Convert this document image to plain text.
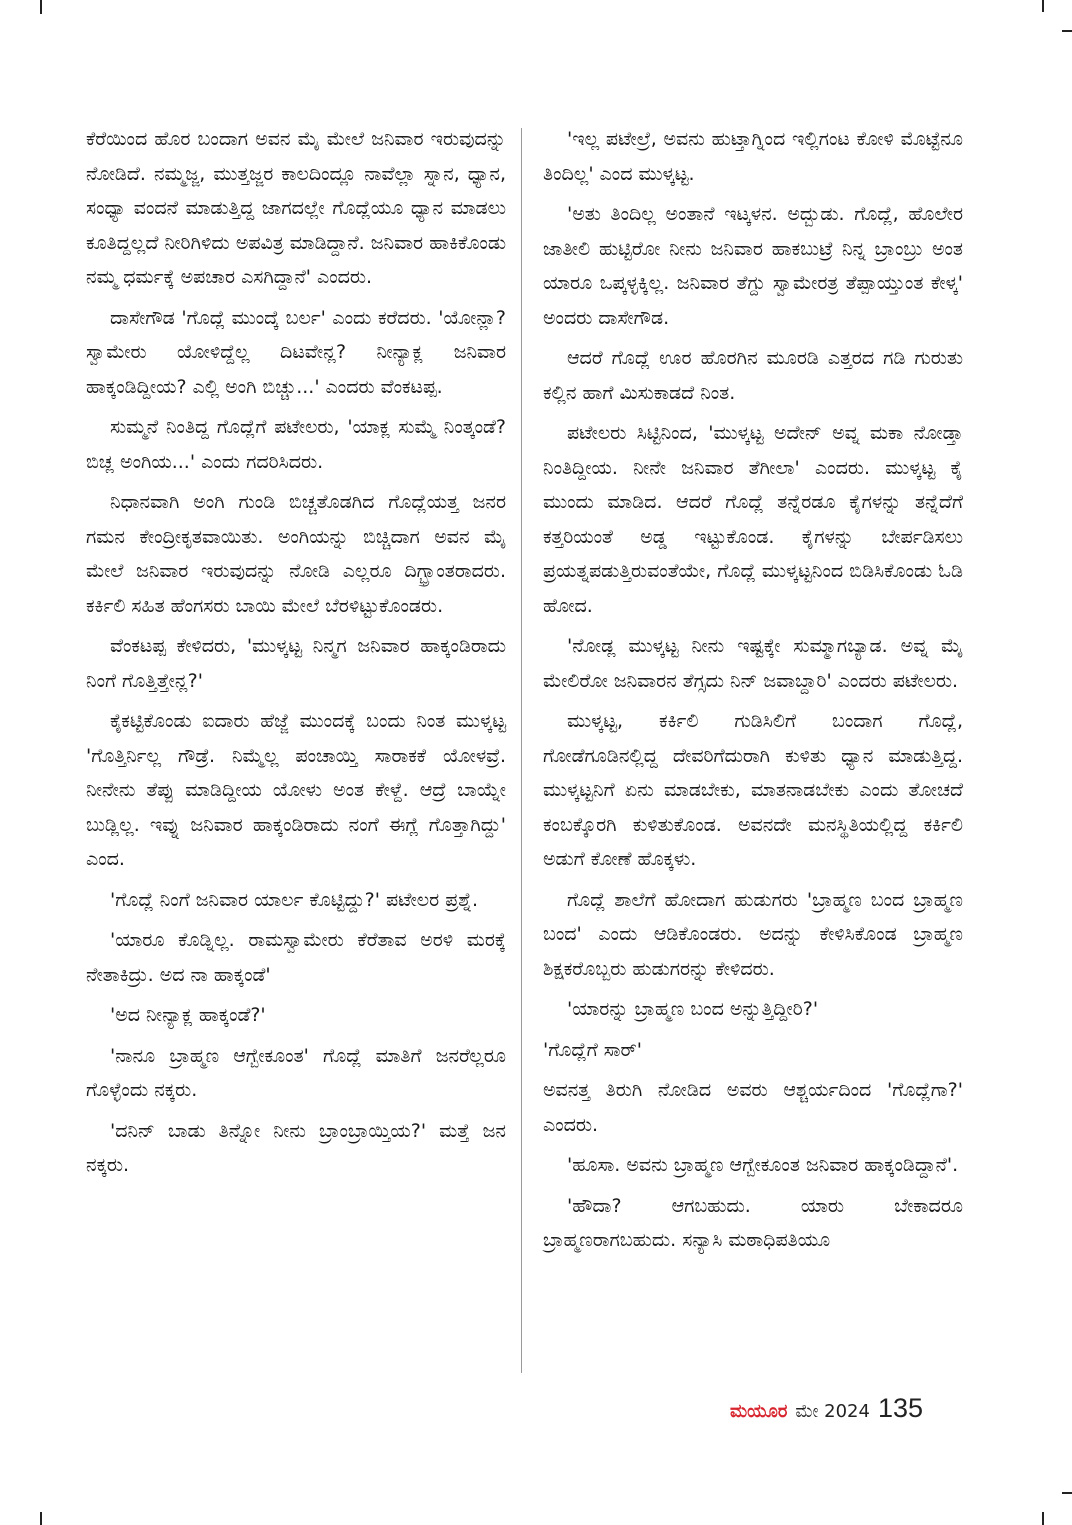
ಕೆರೆಯಿಂದ ಹೊರ ಬಂದಾಗ ಅವನ ಮೈ ಮೇಲೆ ಜನಿವಾರ ಇರುವುದನ್ನು ನೋಡಿದೆ. ನಮ್ಮಜ್ಜ, ಮುತ್ತಜ್ಜರ ಕಾಲದಿಂದ್ಲೂ ನಾವೆಲ್ಲಾ ಸ್ನಾನ, ಧ್ಯಾನ, ಸಂಧ್ಯಾ ವಂದನೆ ಮಾಡುತ್ತಿದ್ದ ಜಾಗದಲ್ಲೇ ಗೊದ್ಲೆಯೂ ಧ್ಯಾನ ಮಾಡಲು ಕೂತಿದ್ದಲ್ಲದೆ ನೀರಿಗಿಳಿದು ಅಪವಿತ್ರ ಮಾಡಿದ್ದಾನೆ. ಜನಿವಾರ ಹಾಕಿಕೊಂಡು ನಮ್ಮ ಧರ್ಮಕ್ಕೆ ಅಪಚಾರ ಎಸಗಿದ್ದಾನೆ' ಎಂದರು.

ದಾಸೇಗೌಡ 'ಗೊದ್ಲೆ ಮುಂದ್ಕೆ ಬರ್ಲ' ಎಂದು ಕರೆದರು. 'ಯೋನ್ಲಾ? ಸ್ವಾಮೇರು ಯೋಳಿದ್ದೆಲ್ಲ ದಿಟವೇನ್ಲ? ನೀನ್ಯಾಕ್ಲ ಜನಿವಾರ ಹಾಕ್ಕಂಡಿದ್ದೀಯ? ಎಲ್ಲಿ ಅಂಗಿ ಬಿಚ್ಚು...' ಎಂದರು ವೆಂಕಟಪ್ಪ.

ಸುಮ್ಮನೆ ನಿಂತಿದ್ದ ಗೊದ್ಲೆಗೆ ಪಟೇಲರು, 'ಯಾಕ್ಲ ಸುಮ್ಮೆ ನಿಂತ್ಕಂಡೆ? ಬಿಚ್ಲ ಅಂಗಿಯ...' ಎಂದು ಗದರಿಸಿದರು.

ನಿಧಾನವಾಗಿ ಅಂಗಿ ಗುಂಡಿ ಬಿಚ್ಚತೊಡಗಿದ ಗೊದ್ಲೆಯತ್ತ ಜನರ ಗಮನ ಕೇಂದ್ರೀಕೃತವಾಯಿತು. ಅಂಗಿಯನ್ನು ಬಿಚ್ಚಿದಾಗ ಅವನ ಮೈ ಮೇಲೆ ಜನಿವಾರ ಇರುವುದನ್ನು ನೋಡಿ ಎಲ್ಲರೂ ದಿಗ್ಭ್ರಾಂತರಾದರು. ಕರ್ಕಿಲಿ ಸಹಿತ ಹೆಂಗಸರು ಬಾಯಿ ಮೇಲೆ ಬೆರಳಿಟ್ಟುಕೊಂಡರು.

ವೆಂಕಟಪ್ಪ ಕೇಳಿದರು, 'ಮುಳ್ಕಟ್ಟ ನಿನ್ಮಗ ಜನಿವಾರ ಹಾಕ್ಕಂಡಿರಾದು ನಿಂಗೆ ಗೊತ್ತಿತ್ತೇನ್ಲ?'

ಕೈಕಟ್ಟಿಕೊಂಡು ಐದಾರು ಹೆಜ್ಜೆ ಮುಂದಕ್ಕೆ ಬಂದು ನಿಂತ ಮುಳ್ಕಟ್ಟ 'ಗೊತ್ತಿರ್ನಿಲ್ಲ ಗೌಡ್ರೆ. ನಿಮ್ಮೆಲ್ಲ ಪಂಚಾಯ್ತಿ ಸಾರಾಕಕೆ ಯೋಳವ್ರೆ. ನೀನೇನು ತೆಪ್ಪು ಮಾಡಿದ್ದೀಯ ಯೋಳು ಅಂತ ಕೇಳ್ದೆ. ಆದ್ರೆ ಬಾಯ್ನೇ ಬುಡ್ಲಿಲ್ಲ. ಇವ್ನು ಜನಿವಾರ ಹಾಕ್ಕಂಡಿರಾದು ನಂಗೆ ಈಗ್ಲೆ ಗೊತ್ತಾಗಿದ್ದು' ಎಂದ.

'ಗೊದ್ಲೆ ನಿಂಗೆ ಜನಿವಾರ ಯಾರ್ಲ ಕೊಟ್ಟಿದ್ದು?' ಪಟೇಲರ ಪ್ರಶ್ನೆ.

'ಯಾರೂ ಕೊಡ್ನಿಲ್ಲ. ರಾಮಸ್ವಾಮೇರು ಕೆರೆತಾವ ಅರಳಿ ಮರಕ್ಕೆ ನೇತಾಕಿದ್ರು. ಅದ ನಾ ಹಾಕ್ಕಂಡೆ'

'ಅದ ನೀನ್ಯಾಕ್ಲ ಹಾಕ್ಕಂಡೆ?'

'ನಾನೂ ಬ್ರಾಹ್ಮಣ ಆಗ್ಬೇಕೂಂತ' ಗೊದ್ಲೆ ಮಾತಿಗೆ ಜನರೆಲ್ಲರೂ ಗೊಳ್ಳೆಂದು ನಕ್ಕರು.

'ದನಿನ್ ಬಾಡು ತಿನ್ನೋ ನೀನು ಬ್ರಾಂಬ್ರಾಯ್ತಿಯ?' ಮತ್ತೆ ಜನ ನಕ್ಕರು.

'ಇಲ್ಲ ಪಟೇಲ್ರೆ, ಅವನು ಹುಟ್ತಾಗ್ನಿಂದ ಇಲ್ಲಿಗಂಟ ಕೋಳಿ ಮೊಟ್ಟೆನೂ ತಿಂದಿಲ್ಲ' ಎಂದ ಮುಳ್ಕಟ್ಟ.

'ಅತು ತಿಂದಿಲ್ಲ ಅಂತಾನೆ ಇಟ್ಕಳನ. ಅದ್ಬುಡು. ಗೊದ್ಲೆ, ಹೊಲೇರ ಜಾತೀಲಿ ಹುಟ್ಟಿರೋ ನೀನು ಜನಿವಾರ ಹಾಕಬುಟ್ರೆ ನಿನ್ನ ಬ್ರಾಂಬ್ರು ಅಂತ ಯಾರೂ ಒಪ್ಕಳ್ಳಕ್ಕಿಲ್ಲ. ಜನಿವಾರ ತೆಗ್ದು ಸ್ವಾಮೇರತ್ರ ತೆಪ್ಪಾಯ್ತುಂತ ಕೇಳ್ಕ' ಅಂದರು ದಾಸೇಗೌಡ.

ಆದರೆ ಗೊದ್ಲೆ ಊರ ಹೊರಗಿನ ಮೂರಡಿ ಎತ್ತರದ ಗಡಿ ಗುರುತು ಕಲ್ಲಿನ ಹಾಗೆ ಮಿಸುಕಾಡದೆ ನಿಂತ.

ಪಟೇಲರು ಸಿಟ್ಟಿನಿಂದ, 'ಮುಳ್ಕಟ್ಟ ಅದೇನ್ ಅವ್ನ ಮಕಾ ನೋಡ್ತಾ ನಿಂತಿದ್ದೀಯ. ನೀನೇ ಜನಿವಾರ ತೆಗೀಲಾ' ಎಂದರು. ಮುಳ್ಕಟ್ಟ ಕೈ ಮುಂದು ಮಾಡಿದ. ಆದರೆ ಗೊದ್ಲೆ ತನ್ನೆರಡೂ ಕೈಗಳನ್ನು ತನ್ನೆದೆಗೆ ಕತ್ತರಿಯಂತೆ ಅಡ್ಡ ಇಟ್ಟುಕೊಂಡ. ಕೈಗಳನ್ನು ಬೇರ್ಪಡಿಸಲು ಪ್ರಯತ್ನಪಡುತ್ತಿರುವಂತೆಯೇ, ಗೊದ್ಲೆ ಮುಳ್ಕಟ್ಟನಿಂದ ಬಿಡಿಸಿಕೊಂಡು ಓಡಿ ಹೋದ.

'ನೋಡ್ಲ ಮುಳ್ಕಟ್ಟ ನೀನು ಇಷ್ಟಕ್ಕೇ ಸುಮ್ಮಾಗಬ್ಯಾಡ. ಅವ್ನ ಮೈ ಮೇಲಿರೋ ಜನಿವಾರನ ತೆಗ್ಸದು ನಿನ್ ಜವಾಬ್ದಾರಿ' ಎಂದರು ಪಟೇಲರು.

ಮುಳ್ಕಟ್ಟ, ಕರ್ಕಿಲಿ ಗುಡಿಸಿಲಿಗೆ ಬಂದಾಗ ಗೊದ್ಲೆ, ಗೋಡೆಗೂಡಿನಲ್ಲಿದ್ದ ದೇವರಿಗೆದುರಾಗಿ ಕುಳಿತು ಧ್ಯಾನ ಮಾಡುತ್ತಿದ್ದ. ಮುಳ್ಕಟ್ಟನಿಗೆ ಏನು ಮಾಡಬೇಕು, ಮಾತನಾಡಬೇಕು ಎಂದು ತೋಚದೆ ಕಂಬಕ್ಕೊರಗಿ ಕುಳಿತುಕೊಂಡ. ಅವನದೇ ಮನಸ್ಥಿತಿಯಲ್ಲಿದ್ದ ಕರ್ಕಿಲಿ ಅಡುಗೆ ಕೋಣೆ ಹೊಕ್ಕಳು.

ಗೊದ್ಲೆ ಶಾಲೆಗೆ ಹೋದಾಗ ಹುಡುಗರು 'ಬ್ರಾಹ್ಮಣ ಬಂದ ಬ್ರಾಹ್ಮಣ ಬಂದ' ಎಂದು ಆಡಿಕೊಂಡರು. ಅದನ್ನು ಕೇಳಿಸಿಕೊಂಡ ಬ್ರಾಹ್ಮಣ ಶಿಕ್ಷಕರೊಬ್ಬರು ಹುಡುಗರನ್ನು ಕೇಳಿದರು.

'ಯಾರನ್ನು ಬ್ರಾಹ್ಮಣ ಬಂದ ಅನ್ನುತ್ತಿದ್ದೀರಿ?'

'ಗೊದ್ಲೆಗೆ ಸಾರ್'

ಅವನತ್ತ ತಿರುಗಿ ನೋಡಿದ ಅವರು ಆಶ್ಚರ್ಯದಿಂದ 'ಗೊದ್ಲೆಗಾ?' ಎಂದರು.

'ಹೂಸಾ. ಅವನು ಬ್ರಾಹ್ಮಣ ಆಗ್ಬೇಕೂಂತ ಜನಿವಾರ ಹಾಕ್ಕಂಡಿದ್ದಾನೆ'.

'ಹೌದಾ? ಆಗಬಹುದು. ಯಾರು ಬೇಕಾದರೂ ಬ್ರಾಹ್ಮಣರಾಗಬಹುದು. ಸನ್ಯಾಸಿ ಮಠಾಧಿಪತಿಯೂ

ಮಯೂರ ಮೇ 2024 135
